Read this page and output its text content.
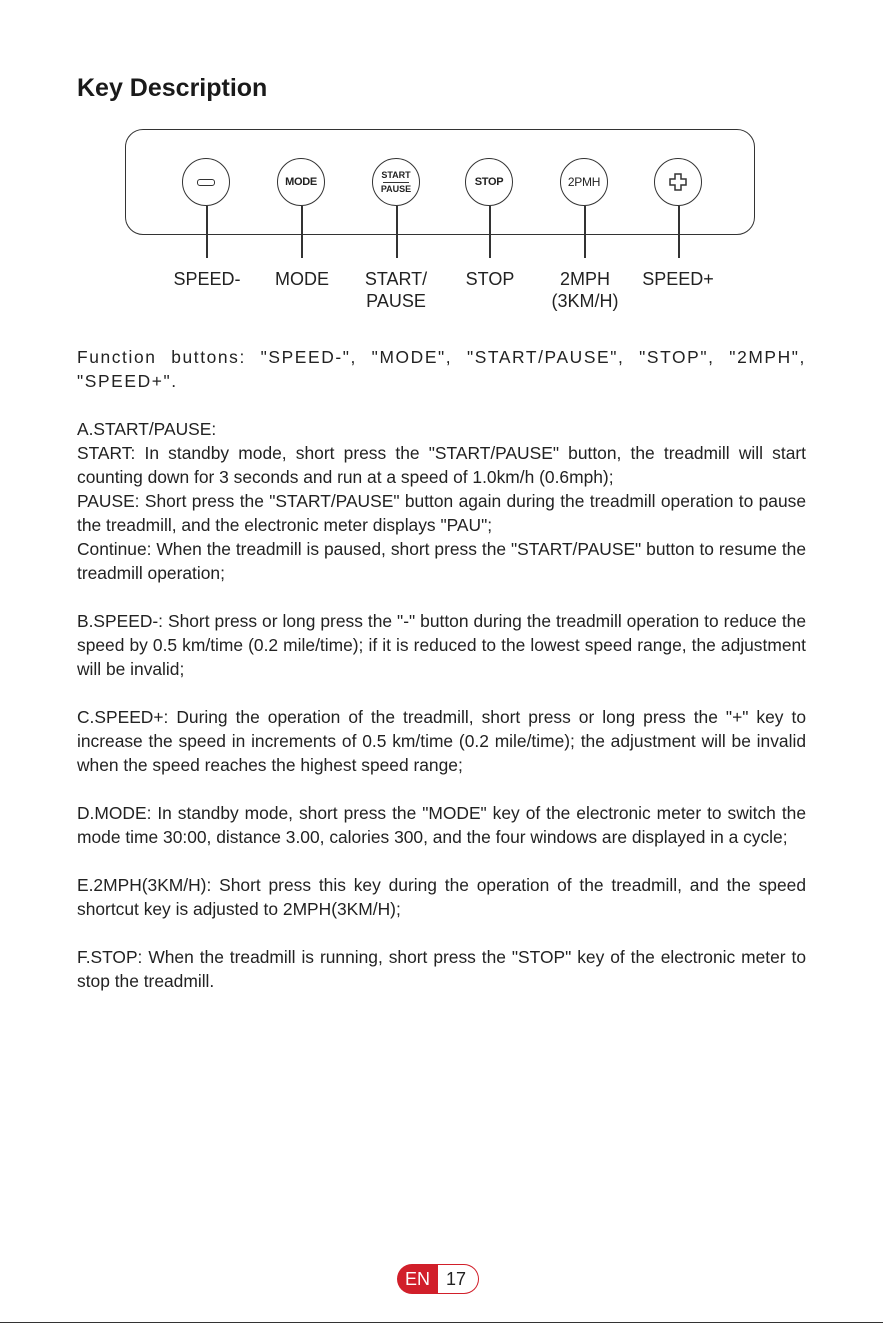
Key Description
MODE
START
PAUSE
STOP	2PMH
SPEED- MODE START/
PAUSE
STOP	2MPH
(3KM/H)
SPEED+

Function buttons: "SPEED-", "MODE", "START/PAUSE", "STOP", "2MPH", "SPEED+".

A.START/PAUSE:

START: In standby mode, short press the "START/PAUSE" button, the treadmill will start counting down for 3 seconds and run at a speed of 1.0km/h (0.6mph);

PAUSE: Short press the "START/PAUSE" button again during the treadmill operation to pause the treadmill, and the electronic meter displays "PAU";

Continue: When the treadmill is paused, short press the "START/PAUSE" button to resume the treadmill operation;

B.SPEED-: Short press or long press the "-" button during the treadmill operation to reduce the speed by 0.5 km/time (0.2 mile/time); if it is reduced to the lowest speed range, the adjustment will be invalid;

C.SPEED+: During the operation of the treadmill, short press or long press the "+" key to increase the speed in increments of 0.5 km/time (0.2 mile/time); the adjustment will be invalid when the speed reaches the highest speed range;

D.MODE: In standby mode, short press the "MODE" key of the electronic meter to switch the mode time 30:00, distance 3.00, calories 300, and the four windows are displayed in a cycle;

E.2MPH(3KM/H): Short press this key during the operation of the treadmill, and the speed shortcut key is adjusted to 2MPH(3KM/H);

F.STOP: When the treadmill is running, short press the "STOP" key of the electronic meter to stop the treadmill.

EN 17
